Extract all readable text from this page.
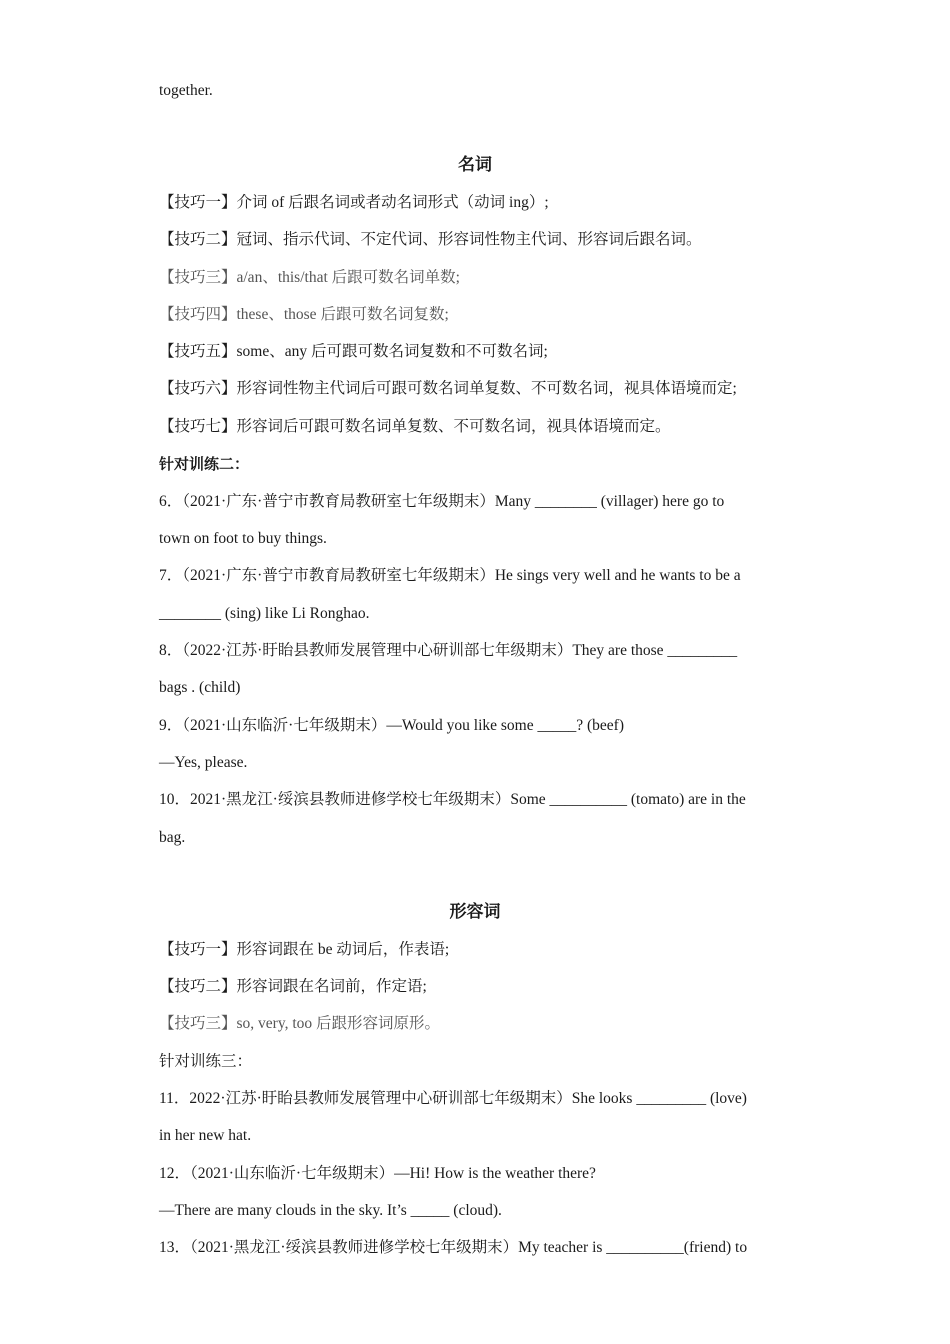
together.
名词
【技巧一】介词 of 后跟名词或者动名词形式（动词 ing）;
【技巧二】冠词、指示代词、不定代词、形容词性物主代词、形容词后跟名词。
【技巧三】a/an、this/that 后跟可数名词单数;
【技巧四】these、those 后跟可数名词复数;
【技巧五】some、any 后可跟可数名词复数和不可数名词;
【技巧六】形容词性物主代词后可跟可数名词单复数、不可数名词，视具体语境而定;
【技巧七】形容词后可跟可数名词单复数、不可数名词，视具体语境而定。
针对训练二：
6．（2021·广东·普宁市教育局教研室七年级期末）Many ________ (villager) here go to
town on foot to buy things.
7．（2021·广东·普宁市教育局教研室七年级期末）He sings very well and he wants to be a
________ (sing) like Li Ronghao.
8．（2022·江苏·盱眙县教师发展管理中心研训部七年级期末）They are those _________
bags . (child)
9．（2021·山东临沂·七年级期末）—Would you like some _____? (beef)
—Yes, please.
10．2021·黑龙江·绥滨县教师进修学校七年级期末）Some __________ (tomato) are in the
bag.
形容词
【技巧一】形容词跟在 be 动词后，作表语;
【技巧二】形容词跟在名词前，作定语;
【技巧三】so, very, too 后跟形容词原形。
针对训练三：
11．2022·江苏·盱眙县教师发展管理中心研训部七年级期末）She looks _________ (love)
in her new hat.
12．（2021·山东临沂·七年级期末）—Hi! How is the weather there?
—There are many clouds in the sky. It’s _____ (cloud).
13．（2021·黑龙江·绥滨县教师进修学校七年级期末）My teacher is __________(friend) to
